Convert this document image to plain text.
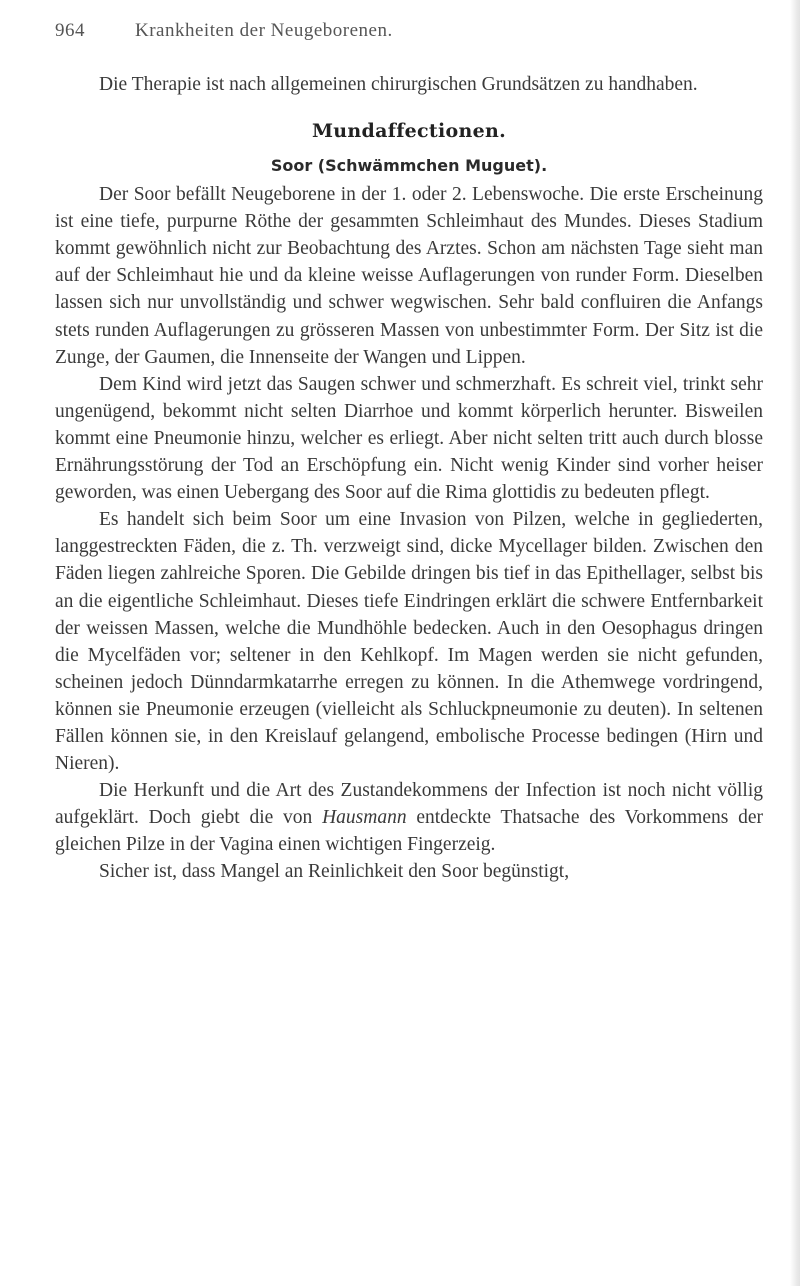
964	Krankheiten der Neugeborenen.

Die Therapie ist nach allgemeinen chirurgischen Grundsätzen zu handhaben.

Mundaffectionen.
Soor (Schwämmchen Muguet).

Der Soor befällt Neugeborene in der 1. oder 2. Lebenswoche. Die erste Erscheinung ist eine tiefe, purpurne Röthe der gesammten Schleimhaut des Mundes. Dieses Stadium kommt gewöhnlich nicht zur Beobachtung des Arztes. Schon am nächsten Tage sieht man auf der Schleimhaut hie und da kleine weisse Auflagerungen von runder Form. Dieselben lassen sich nur unvollständig und schwer wegwischen. Sehr bald confluiren die Anfangs stets runden Auflagerungen zu grösseren Massen von unbestimmter Form. Der Sitz ist die Zunge, der Gaumen, die Innenseite der Wangen und Lippen.

Dem Kind wird jetzt das Saugen schwer und schmerzhaft. Es schreit viel, trinkt sehr ungenügend, bekommt nicht selten Diarrhoe und kommt körperlich herunter. Bisweilen kommt eine Pneumonie hinzu, welcher es erliegt. Aber nicht selten tritt auch durch blosse Ernährungsstörung der Tod an Erschöpfung ein. Nicht wenig Kinder sind vorher heiser geworden, was einen Uebergang des Soor auf die Rima glottidis zu bedeuten pflegt.

Es handelt sich beim Soor um eine Invasion von Pilzen, welche in gegliederten, langgestreckten Fäden, die z. Th. verzweigt sind, dicke Mycellager bilden. Zwischen den Fäden liegen zahlreiche Sporen. Die Gebilde dringen bis tief in das Epithellager, selbst bis an die eigentliche Schleimhaut. Dieses tiefe Eindringen erklärt die schwere Entfernbarkeit der weissen Massen, welche die Mundhöhle bedecken. Auch in den Oesophagus dringen die Mycelfäden vor; seltener in den Kehlkopf. Im Magen werden sie nicht gefunden, scheinen jedoch Dünndarmkatarrhe erregen zu können. In die Athemwege vordringend, können sie Pneumonie erzeugen (vielleicht als Schluckpneumonie zu deuten). In seltenen Fällen können sie, in den Kreislauf gelangend, embolische Processe bedingen (Hirn und Nieren).

Die Herkunft und die Art des Zustandekommens der Infection ist noch nicht völlig aufgeklärt. Doch giebt die von Hausmann entdeckte Thatsache des Vorkommens der gleichen Pilze in der Vagina einen wichtigen Fingerzeig.

Sicher ist, dass Mangel an Reinlichkeit den Soor begünstigt,
